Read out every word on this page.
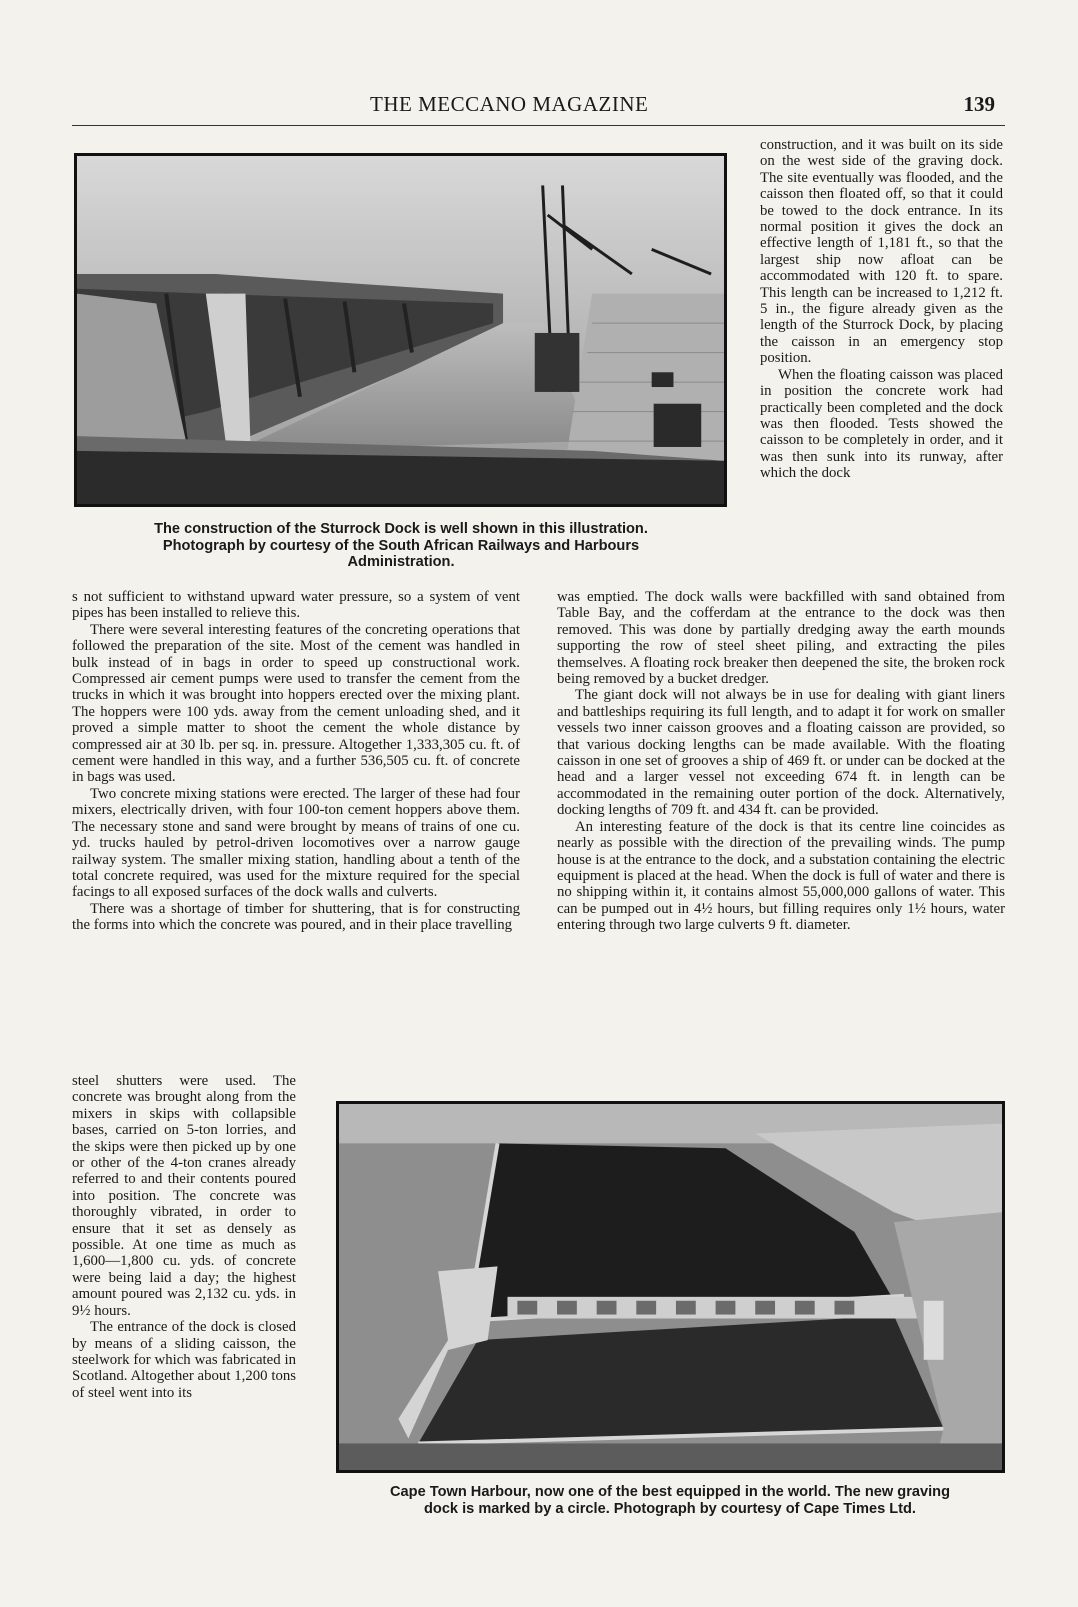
THE MECCANO MAGAZINE	139
The construction of the Sturrock Dock is well shown in this illustration.
Photograph by courtesy of the South African Railways and Harbours
Administration.

construction, and it was built on its side on the west side of the graving dock. The site eventually was flooded, and the caisson then floated off, so that it could be towed to the dock entrance. In its normal position it gives the dock an effective length of 1,181 ft., so that the largest ship now afloat can be accommodated with 120 ft. to spare. This length can be increased to 1,212 ft. 5 in., the figure already given as the length of the Sturrock Dock, by placing the caisson in an emergency stop position.

When the floating caisson was placed in position the concrete work had practically been completed and the dock was then flooded. Tests showed the caisson to be completely in order, and it was then sunk into its runway, after which the dock

s not sufficient to withstand upward water pressure, so a system of vent pipes has been installed to relieve this.

There were several interesting features of the concreting operations that followed the preparation of the site. Most of the cement was handled in bulk instead of in bags in order to speed up constructional work. Compressed air cement pumps were used to transfer the cement from the trucks in which it was brought into hoppers erected over the mixing plant. The hoppers were 100 yds. away from the cement unloading shed, and it proved a simple matter to shoot the cement the whole distance by compressed air at 30 lb. per sq. in. pressure. Altogether 1,333,305 cu. ft. of cement were handled in this way, and a further 536,505 cu. ft. of concrete in bags was used.

Two concrete mixing stations were erected. The larger of these had four mixers, electrically driven, with four 100-ton cement hoppers above them. The necessary stone and sand were brought by means of trains of one cu. yd. trucks hauled by petrol-driven locomotives over a narrow gauge railway system. The smaller mixing station, handling about a tenth of the total concrete required, was used for the mixture required for the special facings to all exposed surfaces of the dock walls and culverts.

There was a shortage of timber for shuttering, that is for constructing the forms into which the concrete was poured, and in their place travelling

steel shutters were used. The concrete was brought along from the mixers in skips with collapsible bases, carried on 5-ton lorries, and the skips were then picked up by one or other of the 4-ton cranes already referred to and their contents poured into position. The concrete was thoroughly vibrated, in order to ensure that it set as densely as possible. At one time as much as 1,600—1,800 cu. yds. of concrete were being laid a day; the highest amount poured was 2,132 cu. yds. in 9½ hours.

The entrance of the dock is closed by means of a sliding caisson, the steelwork for which was fabricated in Scotland. Altogether about 1,200 tons of steel went into its

was emptied. The dock walls were backfilled with sand obtained from Table Bay, and the cofferdam at the entrance to the dock was then removed. This was done by partially dredging away the earth mounds supporting the row of steel sheet piling, and extracting the piles themselves. A floating rock breaker then deepened the site, the broken rock being removed by a bucket dredger.

The giant dock will not always be in use for dealing with giant liners and battleships requiring its full length, and to adapt it for work on smaller vessels two inner caisson grooves and a floating caisson are provided, so that various docking lengths can be made available. With the floating caisson in one set of grooves a ship of 469 ft. or under can be docked at the head and a larger vessel not exceeding 674 ft. in length can be accommodated in the remaining outer portion of the dock. Alternatively, docking lengths of 709 ft. and 434 ft. can be provided.

An interesting feature of the dock is that its centre line coincides as nearly as possible with the direction of the prevailing winds. The pump house is at the entrance to the dock, and a substation containing the electric equipment is placed at the head. When the dock is full of water and there is no shipping within it, it contains almost 55,000,000 gallons of water. This can be pumped out in 4½ hours, but filling requires only 1½ hours, water entering through two large culverts 9 ft. diameter.

Cape Town Harbour, now one of the best equipped in the world. The new graving
dock is marked by a circle. Photograph by courtesy of Cape Times Ltd.
